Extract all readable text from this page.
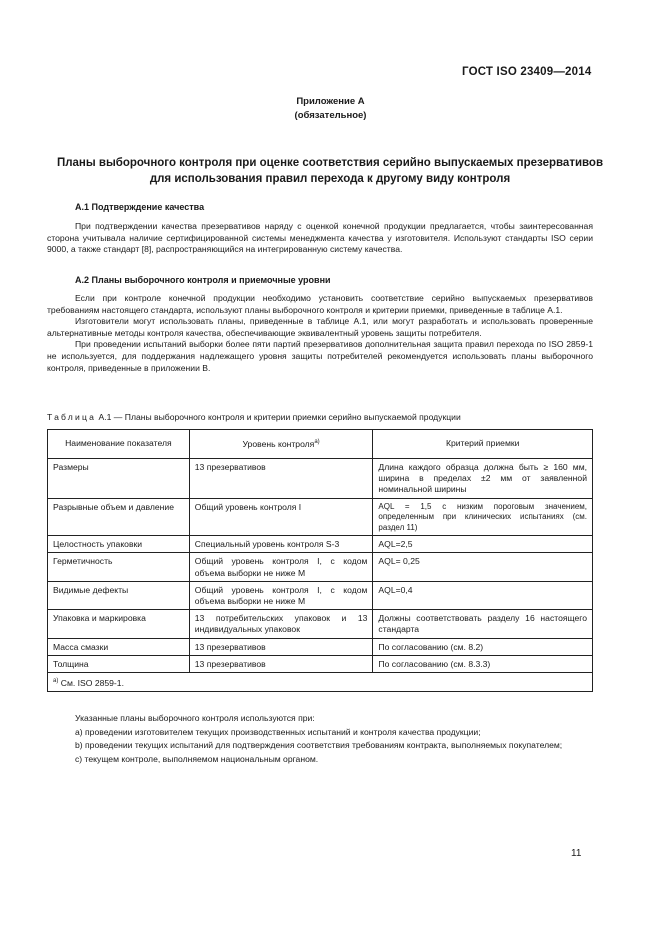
ГОСТ ISO 23409—2014
Приложение А
(обязательное)
Планы выборочного контроля при оценке соответствия серийно выпускаемых презервативов
для использования правил перехода к другому виду контроля
А.1 Подтверждение качества

При подтверждении качества презервативов наряду с оценкой конечной продукции предлагается, чтобы заинтересованная сторона учитывала наличие сертифицированной системы менеджмента качества у изготовителя. Используют стандарты ISO серии 9000, а также стандарт [8], распространяющийся на интегрированную систему качества.

А.2 Планы выборочного контроля и приемочные уровни

Если при контроле конечной продукции необходимо установить соответствие серийно выпускаемых презервативов требованиям настоящего стандарта, используют планы выборочного контроля и критерии приемки, приведенные в таблице А.1.

Изготовители могут использовать планы, приведенные в таблице А.1, или могут разработать и использовать проверенные альтернативные методы контроля качества, обеспечивающие эквивалентный уровень защиты потребителя.

При проведении испытаний выборки более пяти партий презервативов дополнительная защита правил перехода по ISO 2859-1 не используется, для поддержания надлежащего уровня защиты потребителей рекомендуется использовать планы выборочного контроля, приведенные в приложении В.

Таблица А.1 — Планы выборочного контроля и критерии приемки серийно выпускаемой продукции
Наименование показателя	Уровень контроля$^{а)}$	Критерий приемки
Размеры	13 презервативов	Длина каждого образца должна быть ≥ 160 мм, ширина в пределах ±2 мм от заявленной номинальной ширины
Разрывные объем и давление	Общий уровень контроля I	AQL = 1,5 с низким пороговым значением, определенным при клинических испытаниях (см. раздел 11)
Целостность упаковки	Специальный уровень контроля S-3	AQL=2,5
Герметичность	Общий уровень контроля I, с кодом объема выборки не ниже М	AQL= 0,25
Видимые дефекты	Общий уровень контроля I, с кодом объема выборки не ниже М	AQL=0,4
Упаковка и маркировка	13 потребительских упаковок и 13 индивидуальных упаковок	Должны соответствовать разделу 16 настоящего стандарта
Масса смазки	13 презервативов	По согласованию (см. 8.2)
Толщина	13 презервативов	По согласованию (см. 8.3.3)
$^{а)}$ См. ISO 2859-1.		

Указанные планы выборочного контроля используются при:

а) проведении изготовителем текущих производственных испытаний и контроля качества продукции;

b) проведении текущих испытаний для подтверждения соответствия требованиям контракта, выполняемых покупателем;

с) текущем контроле, выполняемом национальным органом.

11
